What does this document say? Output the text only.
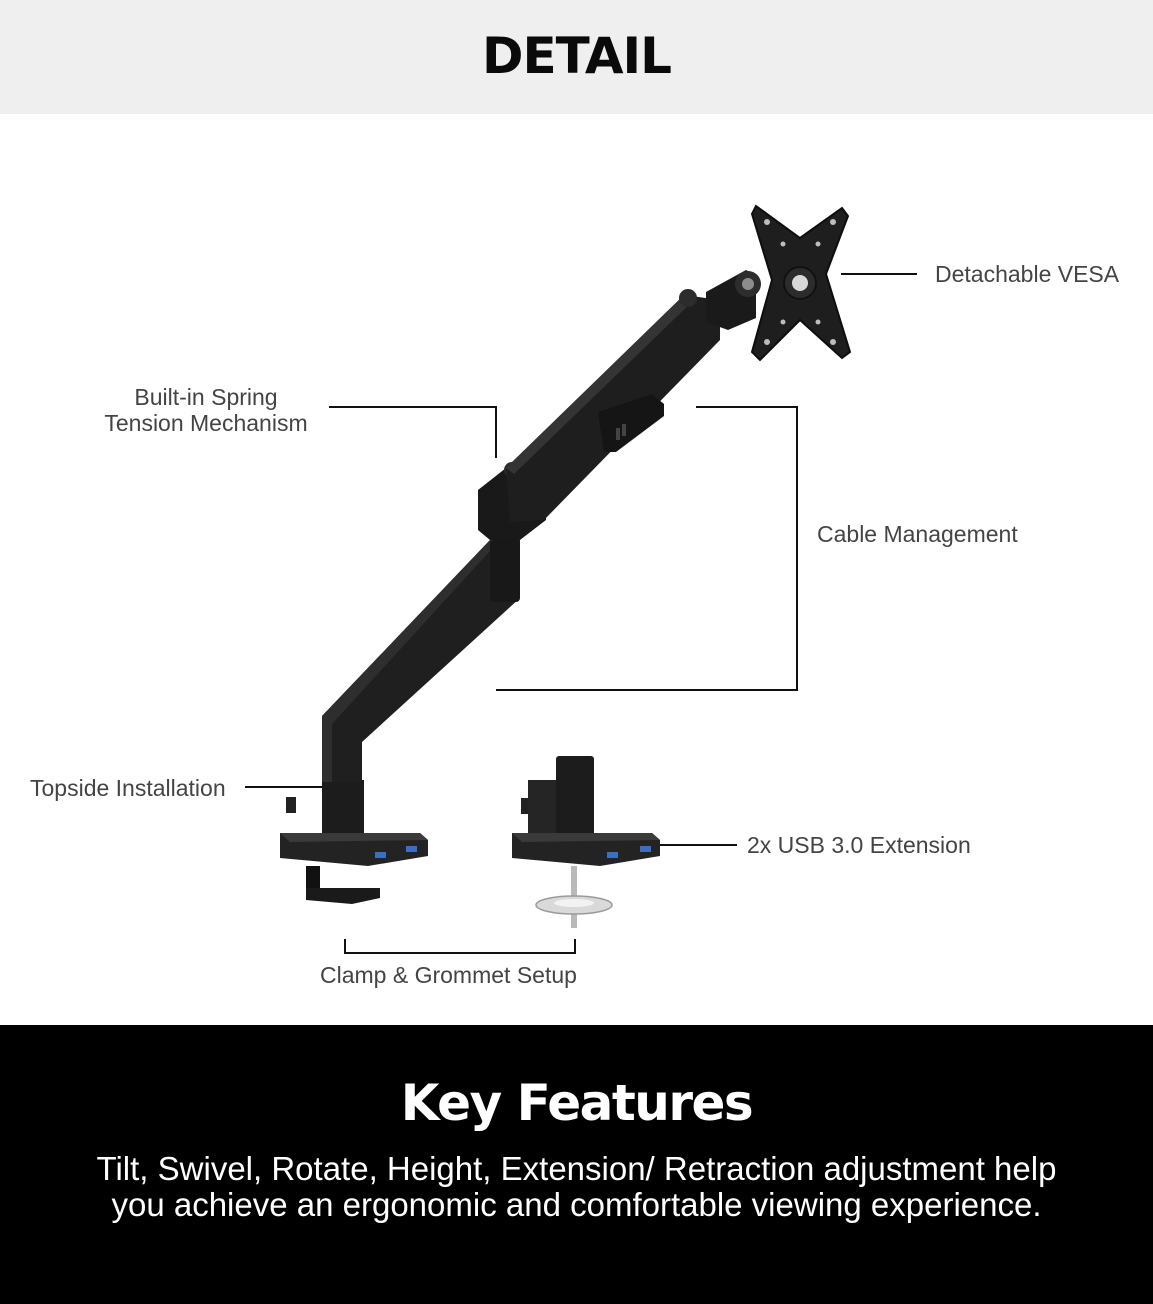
DETAIL
Detachable VESA
Built-in Spring
Tension Mechanism
Cable Management
Topside Installation
2x USB 3.0 Extension
Clamp & Grommet Setup
Key Features

Tilt, Swivel, Rotate, Height, Extension/ Retraction adjustment help you achieve an ergonomic and comfortable viewing experience.
